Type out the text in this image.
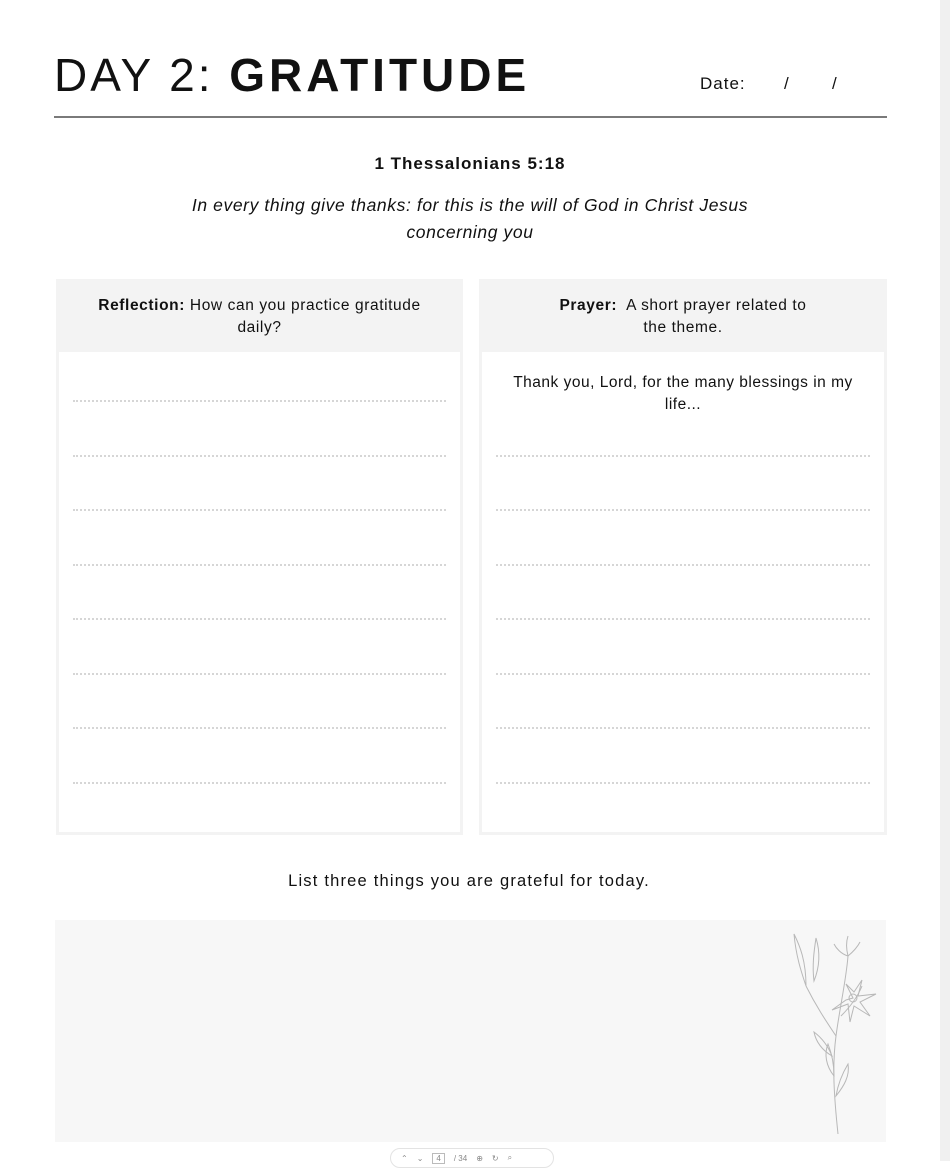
DAY 2: GRATITUDE	Date: / /
1 Thessalonians 5:18
In every thing give thanks: for this is the will of God in Christ Jesus
concerning you
Reflection: How can you practice gratitude daily?
Prayer: A short prayer related to the theme.
Thank you, Lord, for the many blessings in my life...
List three things you are grateful for today.
⌃ ⌄	4	/ 34 ⊕ ↻ ⌕
